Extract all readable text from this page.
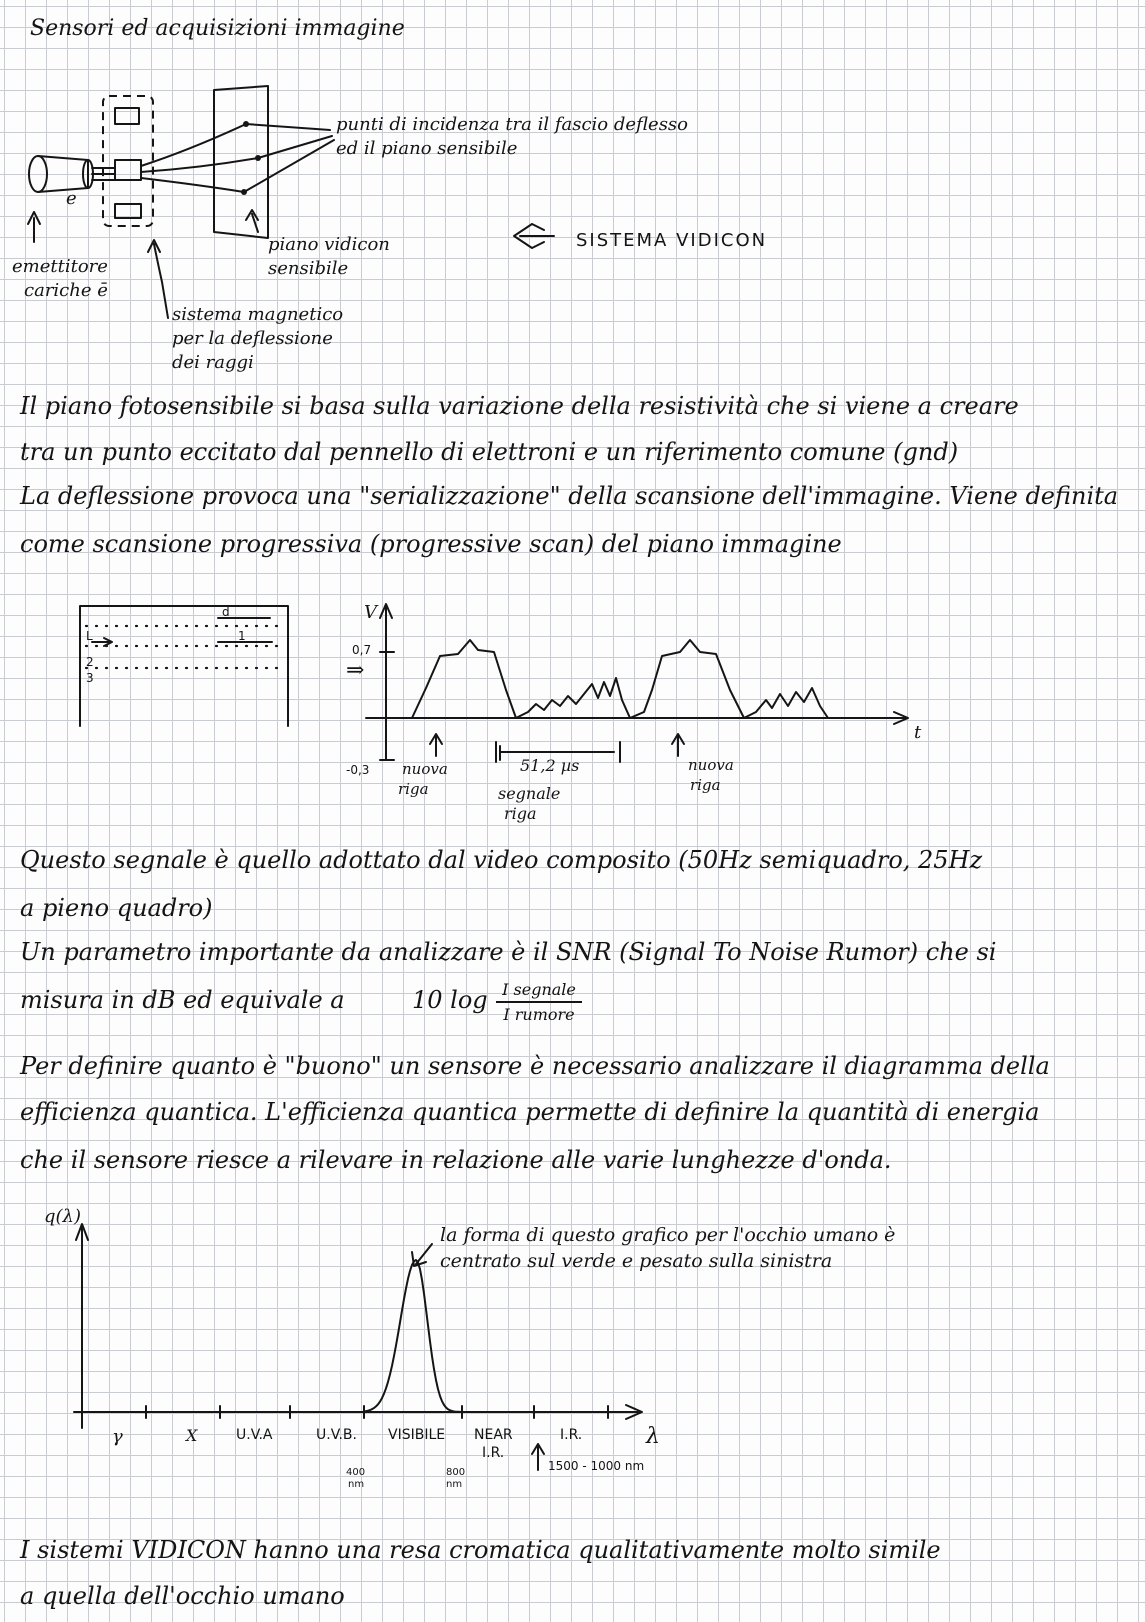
Sensori ed acquisizioni immagine
e
punti di incidenza tra il fascio deflesso
ed il piano sensibile
emettitore
cariche ē
piano vidicon
sensibile
sistema magnetico
per la deflessione
dei raggi
SISTEMA VIDICON
Il piano fotosensibile si basa sulla variazione della resistività che si viene a creare
tra un punto eccitato dal pennello di elettroni e un riferimento comune (gnd)
La deflessione provoca una "serializzazione" della scansione dell'immagine. Viene definita
come scansione progressiva (progressive scan) del piano immagine
d
L	1
2
3	⇒
V
t
0,7
-0,3 nuova
riga
51,2 µs
segnale
riga
nuova
riga
Questo segnale è quello adottato dal video composito (50Hz semiquadro, 25Hz
a pieno quadro)
Un parametro importante da analizzare è il SNR (Signal To Noise Rumor) che si
misura in dB ed equivale a	10 log I segnale
I rumore
Per definire quanto è "buono" un sensore è necessario analizzare il diagramma della
efficienza quantica. L'efficienza quantica permette di definire la quantità di energia
che il sensore riesce a rilevare in relazione alle varie lunghezze d'onda.
q(λ)
λ
γ	X	U.V.A	U.V.B. VISIBILE NEAR
I.R.
I.R.
1500 - 1000 nm
400
nm
800
nm
la forma di questo grafico per l'occhio umano è
centrato sul verde e pesato sulla sinistra
I sistemi VIDICON hanno una resa cromatica qualitativamente molto simile
a quella dell'occhio umano
